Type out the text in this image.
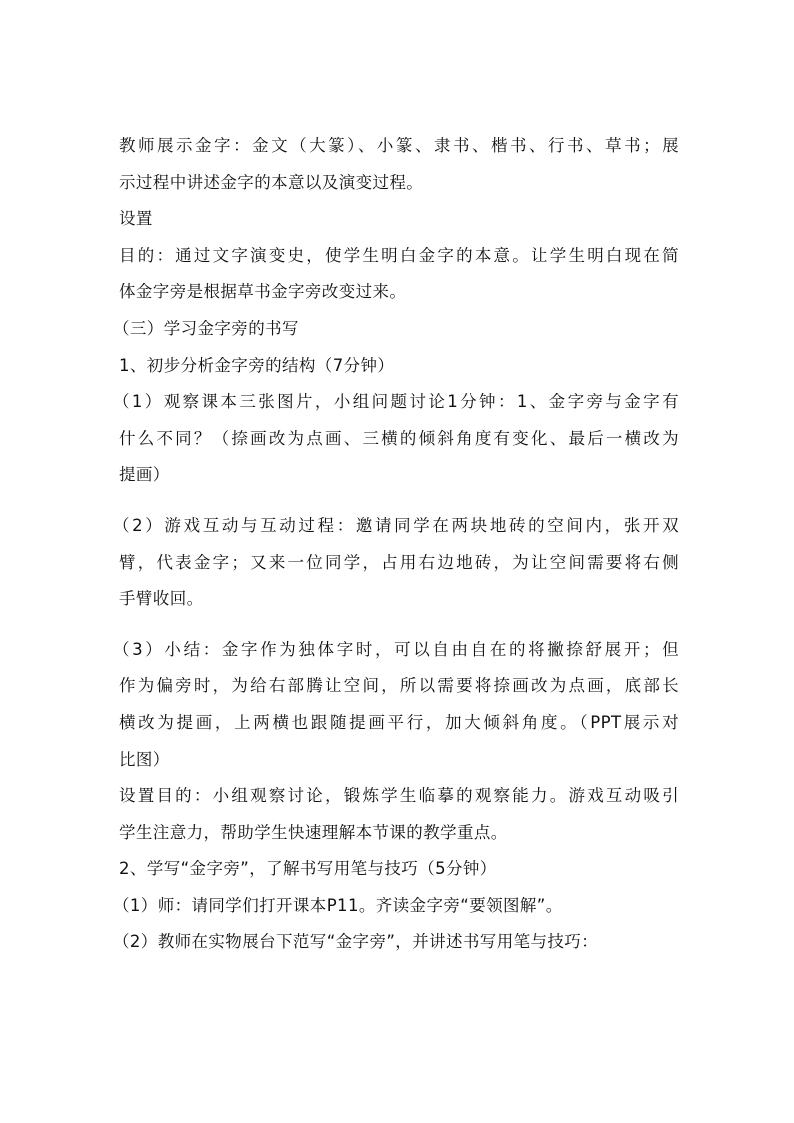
教师展示金字：金文（大篆）、小篆、隶书、楷书、行书、草书；展
示过程中讲述金字的本意以及演变过程。
设置
目的：通过文字演变史，使学生明白金字的本意。让学生明白现在简
体金字旁是根据草书金字旁改变过来。
（三）学习金字旁的书写
1、初步分析金字旁的结构（7分钟）
（1）观察课本三张图片，小组问题讨论1分钟：1、金字旁与金字有
什么不同？（捺画改为点画、三横的倾斜角度有变化、最后一横改为
提画）
（2）游戏互动与互动过程：邀请同学在两块地砖的空间内，张开双
臂，代表金字；又来一位同学，占用右边地砖，为让空间需要将右侧
手臂收回。
（3）小结：金字作为独体字时，可以自由自在的将撇捺舒展开；但
作为偏旁时，为给右部腾让空间，所以需要将捺画改为点画，底部长
横改为提画，上两横也跟随提画平行，加大倾斜角度。（PPT展示对
比图）
设置目的：小组观察讨论，锻炼学生临摹的观察能力。游戏互动吸引
学生注意力，帮助学生快速理解本节课的教学重点。
2、学写“金字旁”，了解书写用笔与技巧（5分钟）
（1）师：请同学们打开课本P11。齐读金字旁“要领图解”。
（2）教师在实物展台下范写“金字旁”，并讲述书写用笔与技巧：
